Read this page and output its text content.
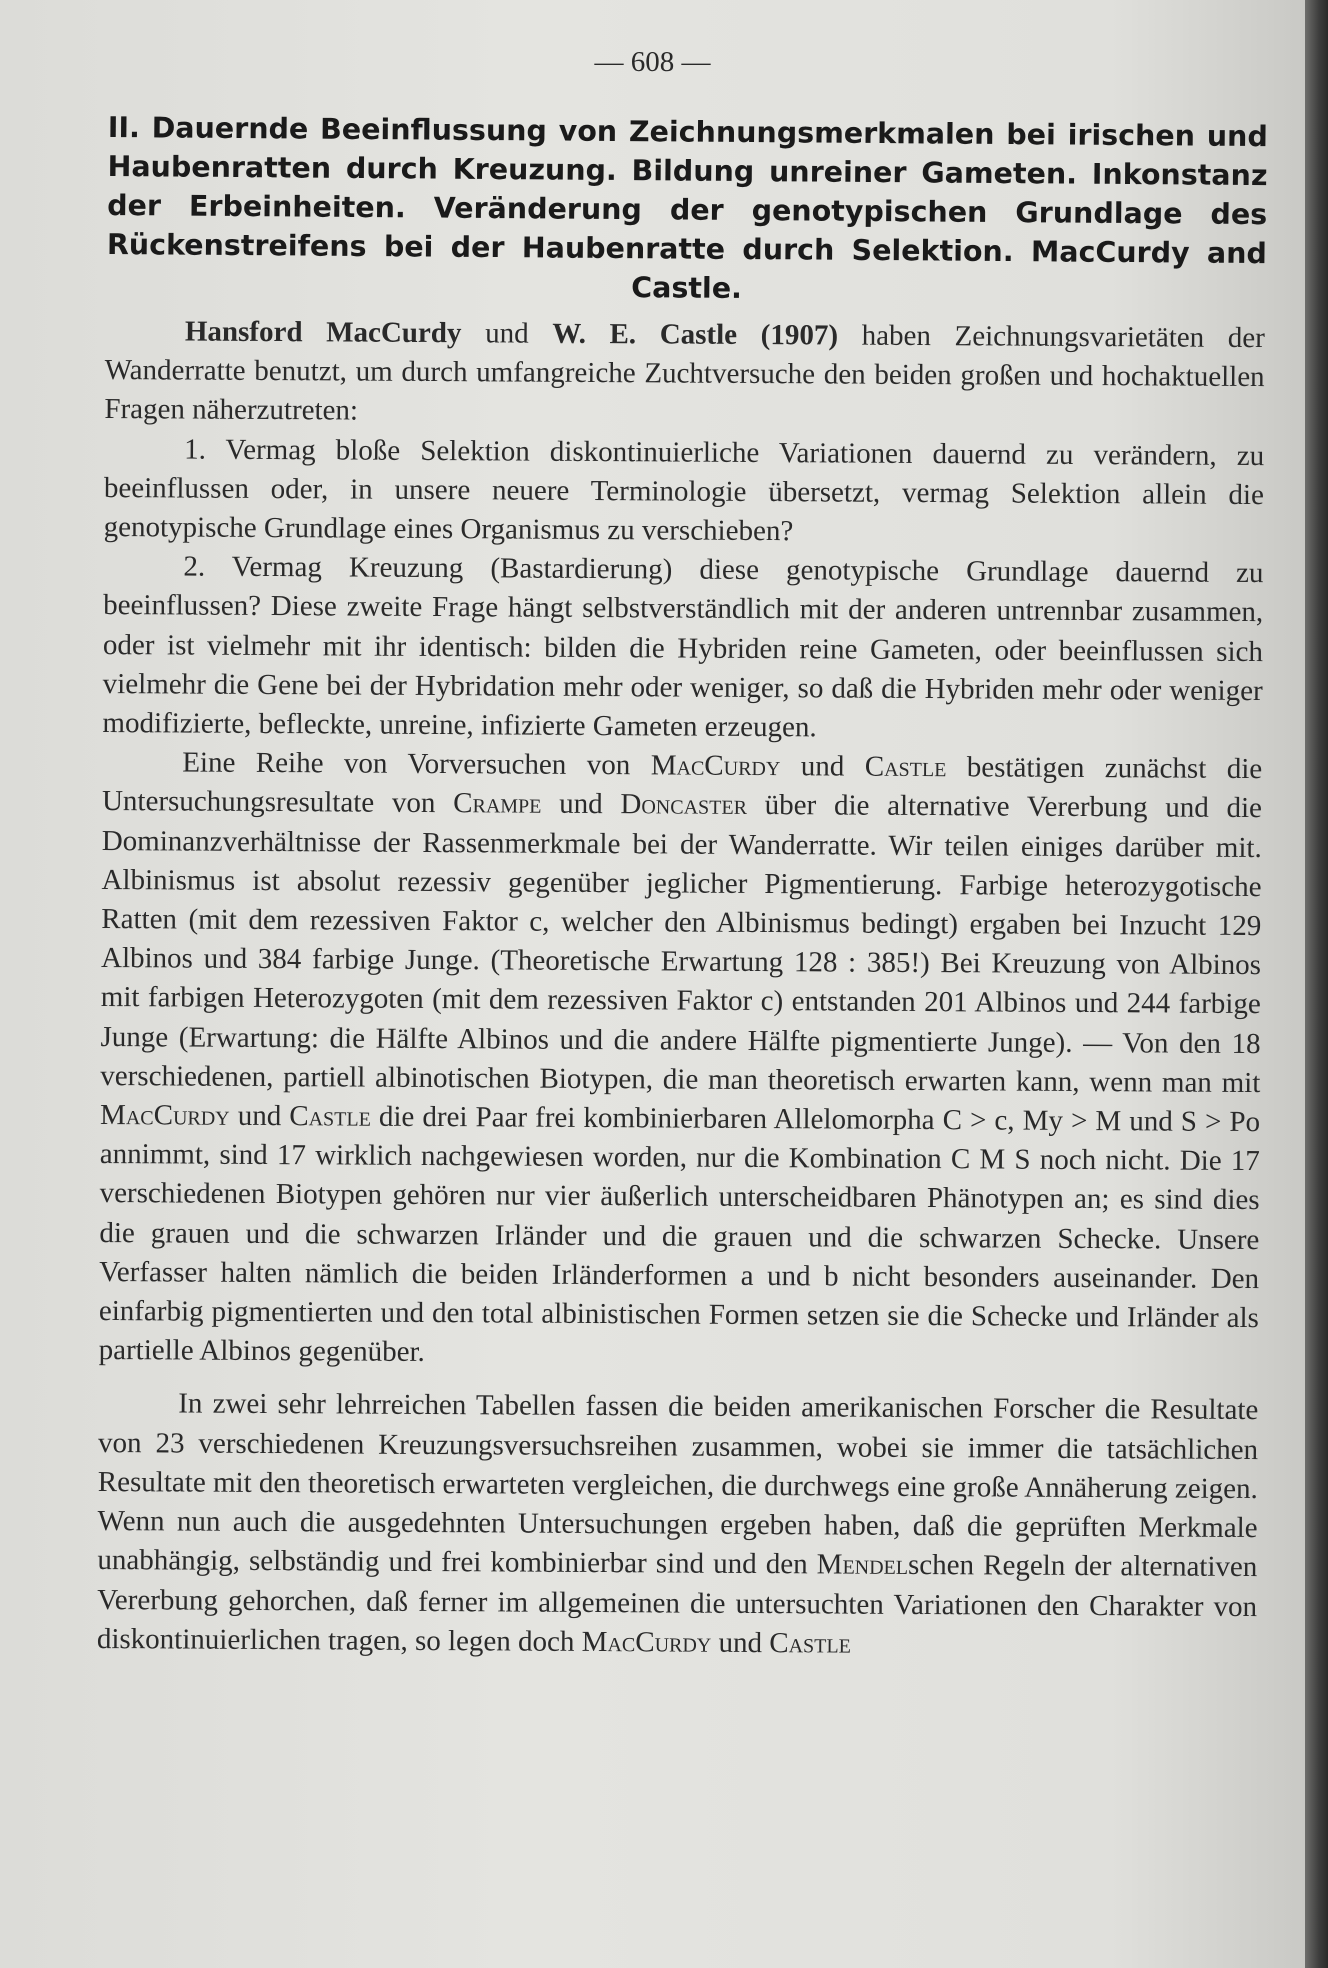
— 608 —

II. Dauernde Beeinflussung von Zeichnungsmerkmalen bei irischen und Haubenratten durch Kreuzung. Bildung unreiner Gameten. Inkonstanz der Erbeinheiten. Veränderung der genotypischen Grundlage des Rückenstreifens bei der Haubenratte durch Selektion. MacCurdy and Castle.

Hansford MacCurdy und W. E. Castle (1907) haben Zeichnungsvarietäten der Wanderratte benutzt, um durch umfangreiche Zuchtversuche den beiden großen und hochaktuellen Fragen näherzutreten:

1. Vermag bloße Selektion diskontinuierliche Variationen dauernd zu verändern, zu beeinflussen oder, in unsere neuere Terminologie übersetzt, vermag Selektion allein die genotypische Grundlage eines Organismus zu verschieben?

2. Vermag Kreuzung (Bastardierung) diese genotypische Grundlage dauernd zu beeinflussen? Diese zweite Frage hängt selbstverständlich mit der anderen untrennbar zusammen, oder ist vielmehr mit ihr identisch: bilden die Hybriden reine Gameten, oder beeinflussen sich vielmehr die Gene bei der Hybridation mehr oder weniger, so daß die Hybriden mehr oder weniger modifizierte, befleckte, unreine, infizierte Gameten erzeugen.

Eine Reihe von Vorversuchen von MacCurdy und Castle bestätigen zunächst die Untersuchungsresultate von Crampe und Doncaster über die alternative Vererbung und die Dominanzverhältnisse der Rassenmerkmale bei der Wanderratte. Wir teilen einiges darüber mit. Albinismus ist absolut rezessiv gegenüber jeglicher Pigmentierung. Farbige heterozygotische Ratten (mit dem rezessiven Faktor c, welcher den Albinismus bedingt) ergaben bei Inzucht 129 Albinos und 384 farbige Junge. (Theoretische Erwartung 128 : 385!) Bei Kreuzung von Albinos mit farbigen Heterozygoten (mit dem rezessiven Faktor c) entstanden 201 Albinos und 244 farbige Junge (Erwartung: die Hälfte Albinos und die andere Hälfte pigmentierte Junge). — Von den 18 verschiedenen, partiell albinotischen Biotypen, die man theoretisch erwarten kann, wenn man mit MacCurdy und Castle die drei Paar frei kombinierbaren Allelomorpha C > c, My > M und S > Po annimmt, sind 17 wirklich nachgewiesen worden, nur die Kombination C M S noch nicht. Die 17 verschiedenen Biotypen gehören nur vier äußerlich unterscheidbaren Phänotypen an; es sind dies die grauen und die schwarzen Irländer und die grauen und die schwarzen Schecke. Unsere Verfasser halten nämlich die beiden Irländerformen a und b nicht besonders auseinander. Den einfarbig pigmentierten und den total albinistischen Formen setzen sie die Schecke und Irländer als partielle Albinos gegenüber.

In zwei sehr lehrreichen Tabellen fassen die beiden amerikanischen Forscher die Resultate von 23 verschiedenen Kreuzungsversuchsreihen zusammen, wobei sie immer die tatsächlichen Resultate mit den theoretisch erwarteten vergleichen, die durchwegs eine große Annäherung zeigen. Wenn nun auch die ausgedehnten Untersuchungen ergeben haben, daß die geprüften Merkmale unabhängig, selbständig und frei kombinierbar sind und den Mendelschen Regeln der alternativen Vererbung gehorchen, daß ferner im allgemeinen die untersuchten Variationen den Charakter von diskontinuierlichen tragen, so legen doch MacCurdy und Castle
